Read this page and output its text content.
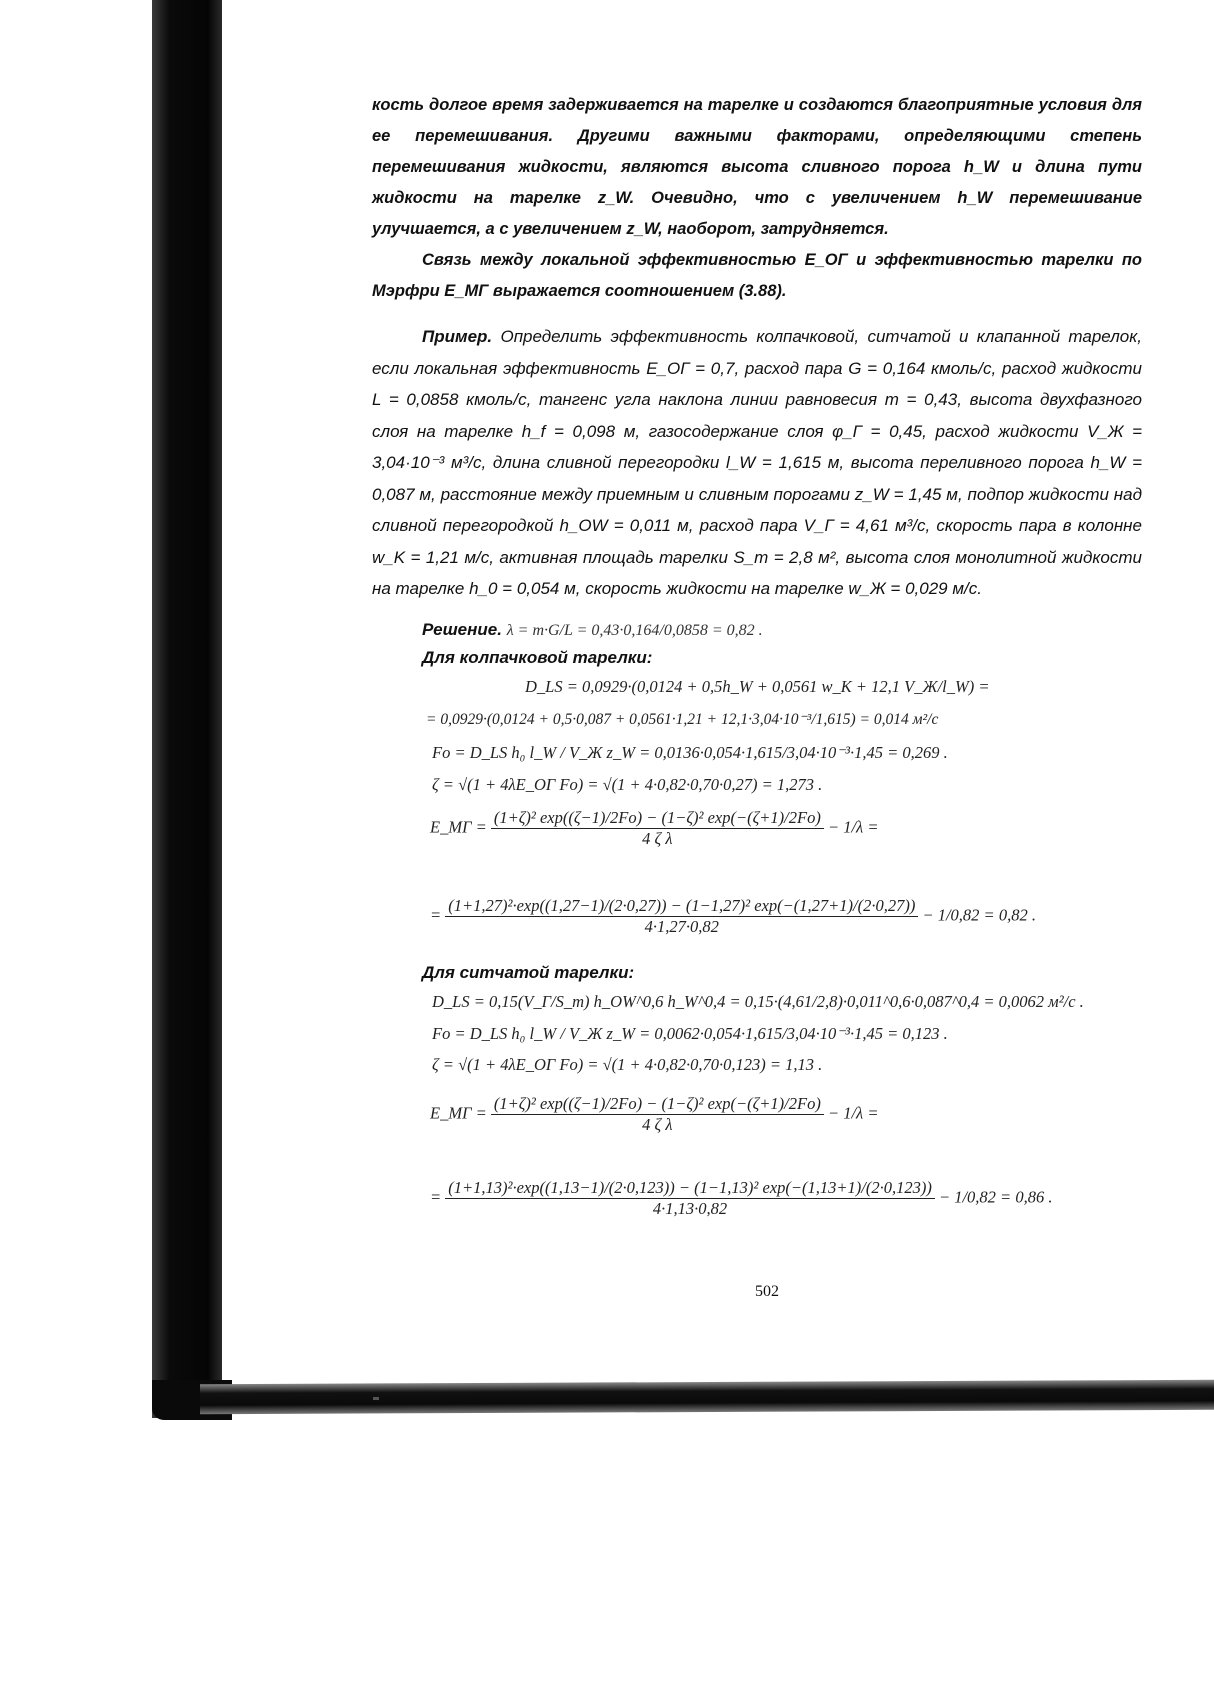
кость долгое время задерживается на тарелке и создаются благоприятные условия для ее перемешивания. Другими важными факторами, определяющими степень перемешивания жидкости, являются высота сливного порога h_W и длина пути жидкости на тарелке z_W. Очевидно, что с увеличением h_W перемешивание улучшается, а с увеличением z_W, наоборот, затрудняется.

Связь между локальной эффективностью E_OГ и эффективностью тарелки по Мэрфри E_MГ выражается соотношением (3.88).

Пример. Определить эффективность колпачковой, ситчатой и клапанной тарелок, если локальная эффективность E_OГ = 0,7, расход пара G = 0,164 кмоль/с, расход жидкости L = 0,0858 кмоль/с, тангенс угла наклона линии равновесия m = 0,43, высота двухфазного слоя на тарелке h_f = 0,098 м, газосодержание слоя φ_Г = 0,45, расход жидкости V_Ж = 3,04·10⁻³ м³/с, длина сливной перегородки l_W = 1,615 м, высота переливного порога h_W = 0,087 м, расстояние между приемным и сливным порогами z_W = 1,45 м, подпор жидкости над сливной перегородкой h_OW = 0,011 м, расход пара V_Г = 4,61 м³/с, скорость пара в колонне w_K = 1,21 м/с, активная площадь тарелки S_т = 2,8 м², высота слоя монолитной жидкости на тарелке h_0 = 0,054 м, скорость жидкости на тарелке w_Ж = 0,029 м/с.

Решение. λ = m·G/L = 0,43·0,164/0,0858 = 0,82 .
Для колпачковой тарелки:
D_LS = 0,0929·(0,0124 + 0,5h_W + 0,0561 w_K + 12,1 V_Ж/l_W) =
= 0,0929·(0,0124 + 0,5·0,087 + 0,0561·1,21 + 12,1·3,04·10⁻³/1,615) = 0,014 м²/с
Fo = D_LS h₀ l_W / V_Ж z_W = 0,0136·0,054·1,615/3,04·10⁻³·1,45 = 0,269 .
ζ = √(1 + 4λE_OГ Fo) = √(1 + 4·0,82·0,70·0,27) = 1,273 .
E_MГ = $\frac{\text{(1+ζ)² exp((ζ−1)/2Fo) − (1−ζ)² exp(−(ζ+1)/2Fo)}}{\text{4 ζ λ}} - 1/\lambda$ =
= (1+1,27)²·exp((1,27−1)/(2·0,27)) − (1−1,27)² exp(−(1,27+1)/(2·0,27))
4·1,27·0,82
− 1/0,82 = 0,82 .
Для ситчатой тарелки:
D_LS = 0,15(V_Г/S_т) h_OW^0,6 h_W^0,4 = 0,15·(4,61/2,8)·0,011^0,6·0,087^0,4 = 0,0062 м²/с .
Fo = D_LS h₀ l_W / V_Ж z_W = 0,0062·0,054·1,615/3,04·10⁻³·1,45 = 0,123 .
ζ = √(1 + 4λE_OГ Fo) = √(1 + 4·0,82·0,70·0,123) = 1,13 .
E_MГ = $\frac{\text{(1+ζ)² exp((ζ−1)/2Fo) − (1−ζ)² exp(−(ζ+1)/2Fo)}}{\text{4 ζ λ}} - 1/\lambda$ =
= (1+1,13)²·exp((1,13−1)/(2·0,123)) − (1−1,13)² exp(−(1,13+1)/(2·0,123))
4·1,13·0,82
− 1/0,82 = 0,86 .
502
